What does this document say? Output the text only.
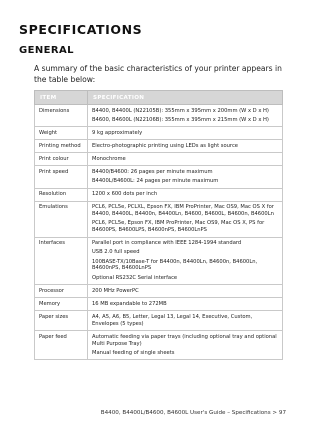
SPECIFICATIONS
GENERAL
A summary of the basic characteristics of your printer appears in the table below:
ITEM	SPECIFICATION
Dimensions	B4400, B4400L (N22105B): 355mm x 395mm x 200mm (W x D x H)

B4600, B4600L (N22106B): 355mm x 395mm x 215mm (W x D x H)

Weight	9 kg approximately

Printing method	Electro-photographic printing using LEDs as light source

Print colour	Monochrome

Print speed	B4400/B4600: 26 pages per minute maximum

B4400L/B4600L: 24 pages per minute maximum

Resolution	1200 x 600 dots per inch

Emulations	PCL6, PCL5e, PCLXL, Epson FX, IBM ProPrinter, Mac OS9, Mac OS X for B4400, B4400L, B4400n, B4400Ln, B4600, B4600L, B4600n, B4600Ln

PCL6, PCL5e, Epson FX, IBM ProPrinter, Mac OS9, Mac OS X, PS for B4600PS, B4600LPS, B4600nPS, B4600LnPS

Interfaces	Parallel port in compliance with IEEE 1284-1994 standard

USB 2.0 full speed

100BASE-TX/10Base-T for B4400n, B4400Ln, B4600n, B4600Ln, B4600nPS, B4600LnPS

Optional RS232C Serial interface

Processor	200 MHz PowerPC

Memory	16 MB expandable to 272MB

Paper sizes	A4, A5, A6, B5, Letter, Legal 13, Legal 14, Executive, Custom, Envelopes (5 types)

Paper feed	Automatic feeding via paper trays (including optional tray and optional Multi Purpose Tray)

Manual feeding of single sheets

B4400, B4400L/B4600, B4600L User's Guide – Specifications > 97
